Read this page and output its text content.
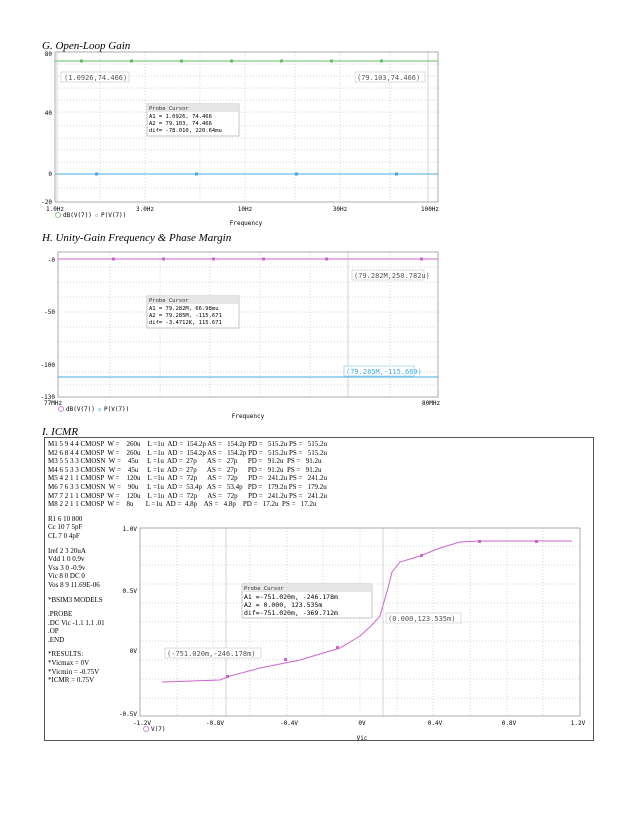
G. Open-Loop Gain
(1.0926,74.466)	(79.103,74.466)
Probe Cursor
A1 = 1.0926, 74.466
A2 = 79.103, 74.466
dif= -78.010, 220.64mu
80
40
0
-20
1.0Hz	3.0Hz	10Hz	30Hz	100Hz
dB(V(7)) ▫ P(V(7))
Frequency
H. Unity-Gain Frequency & Phase Margin
(79.282M,250.782u)
(79.285M,-115.669)
Probe Cursor
A1 = 79.282M, 66.98mu
A2 = 79.285M, -115.671
dif= -3.4712K, 115.671
-0
-50
-100
-130
77MHz	80MHz
dB(V(7)) ◇ P(V(7))
Frequency
I. ICMR
M1 5 9 4 4 CMOSP  W =    260u    L =1u  AD =  154.2p AS =   154.2p PD =   515.2u PS =   515.2u
M2 6 8 4 4 CMOSP  W =    260u    L =1u  AD =  154.2p AS =   154.2p PD =   515.2u PS =   515.2u
M3 5 5 3 3 CMOSN  W =    45u     L =1u  AD =  27p      AS =   27p      PD =   91.2u  PS =   91.2u
M4 6 5 3 3 CMOSN  W =    45u     L =1u  AD =  27p      AS =   27p      PD =   91.2u  PS =   91.2u
M5 4 2 1 1 CMOSP  W =    120u    L =1u  AD =  72p      AS =   72p      PD =   241.2u PS =   241.2u
M6 7 6 3 3 CMOSN  W =    90u     L =1u  AD =  53.4p   AS =   53.4p   PD =   179.2u PS =   179.2u
M7 7 2 1 1 CMOSP  W =    120u    L =1u  AD =  72p      AS =   72p      PD =   241.2u PS =   241.2u
M8 2 2 1 1 CMOSP  W =    8u       L =1u  AD =  4.8p    AS =   4.8p    PD =   17.2u  PS =   17.2u
R1 6 10 800
Cc 10 7 5pF
CL 7 0 4pF
Iref 2 3 20uA
Vdd 1 0 0.9v
Vss 3 0 -0.9v
Vic 8 0 DC 0
Vos 8 9 11.69E-06
*BSIM3 MODELS
.PROBE
.DC Vic -1.1 1.1 .01
.OP
.END
*RESULTS:
*Vicmax = 0V
*Vicmin = -0.75V
*ICMR = 0.75V
(-751.020m,-246.178m)
(0.000,123.535m)
Probe Cursor
A1 =-751.020m, -246.178m
A2 = 0.000, 123.535m
dif=-751.020m, -369.712m
1.0V
0.5V
0V
-0.5V
-1.2V	-0.8V	-0.4V	0V	0.4V	0.8V	1.2V
V(7)
Vic
